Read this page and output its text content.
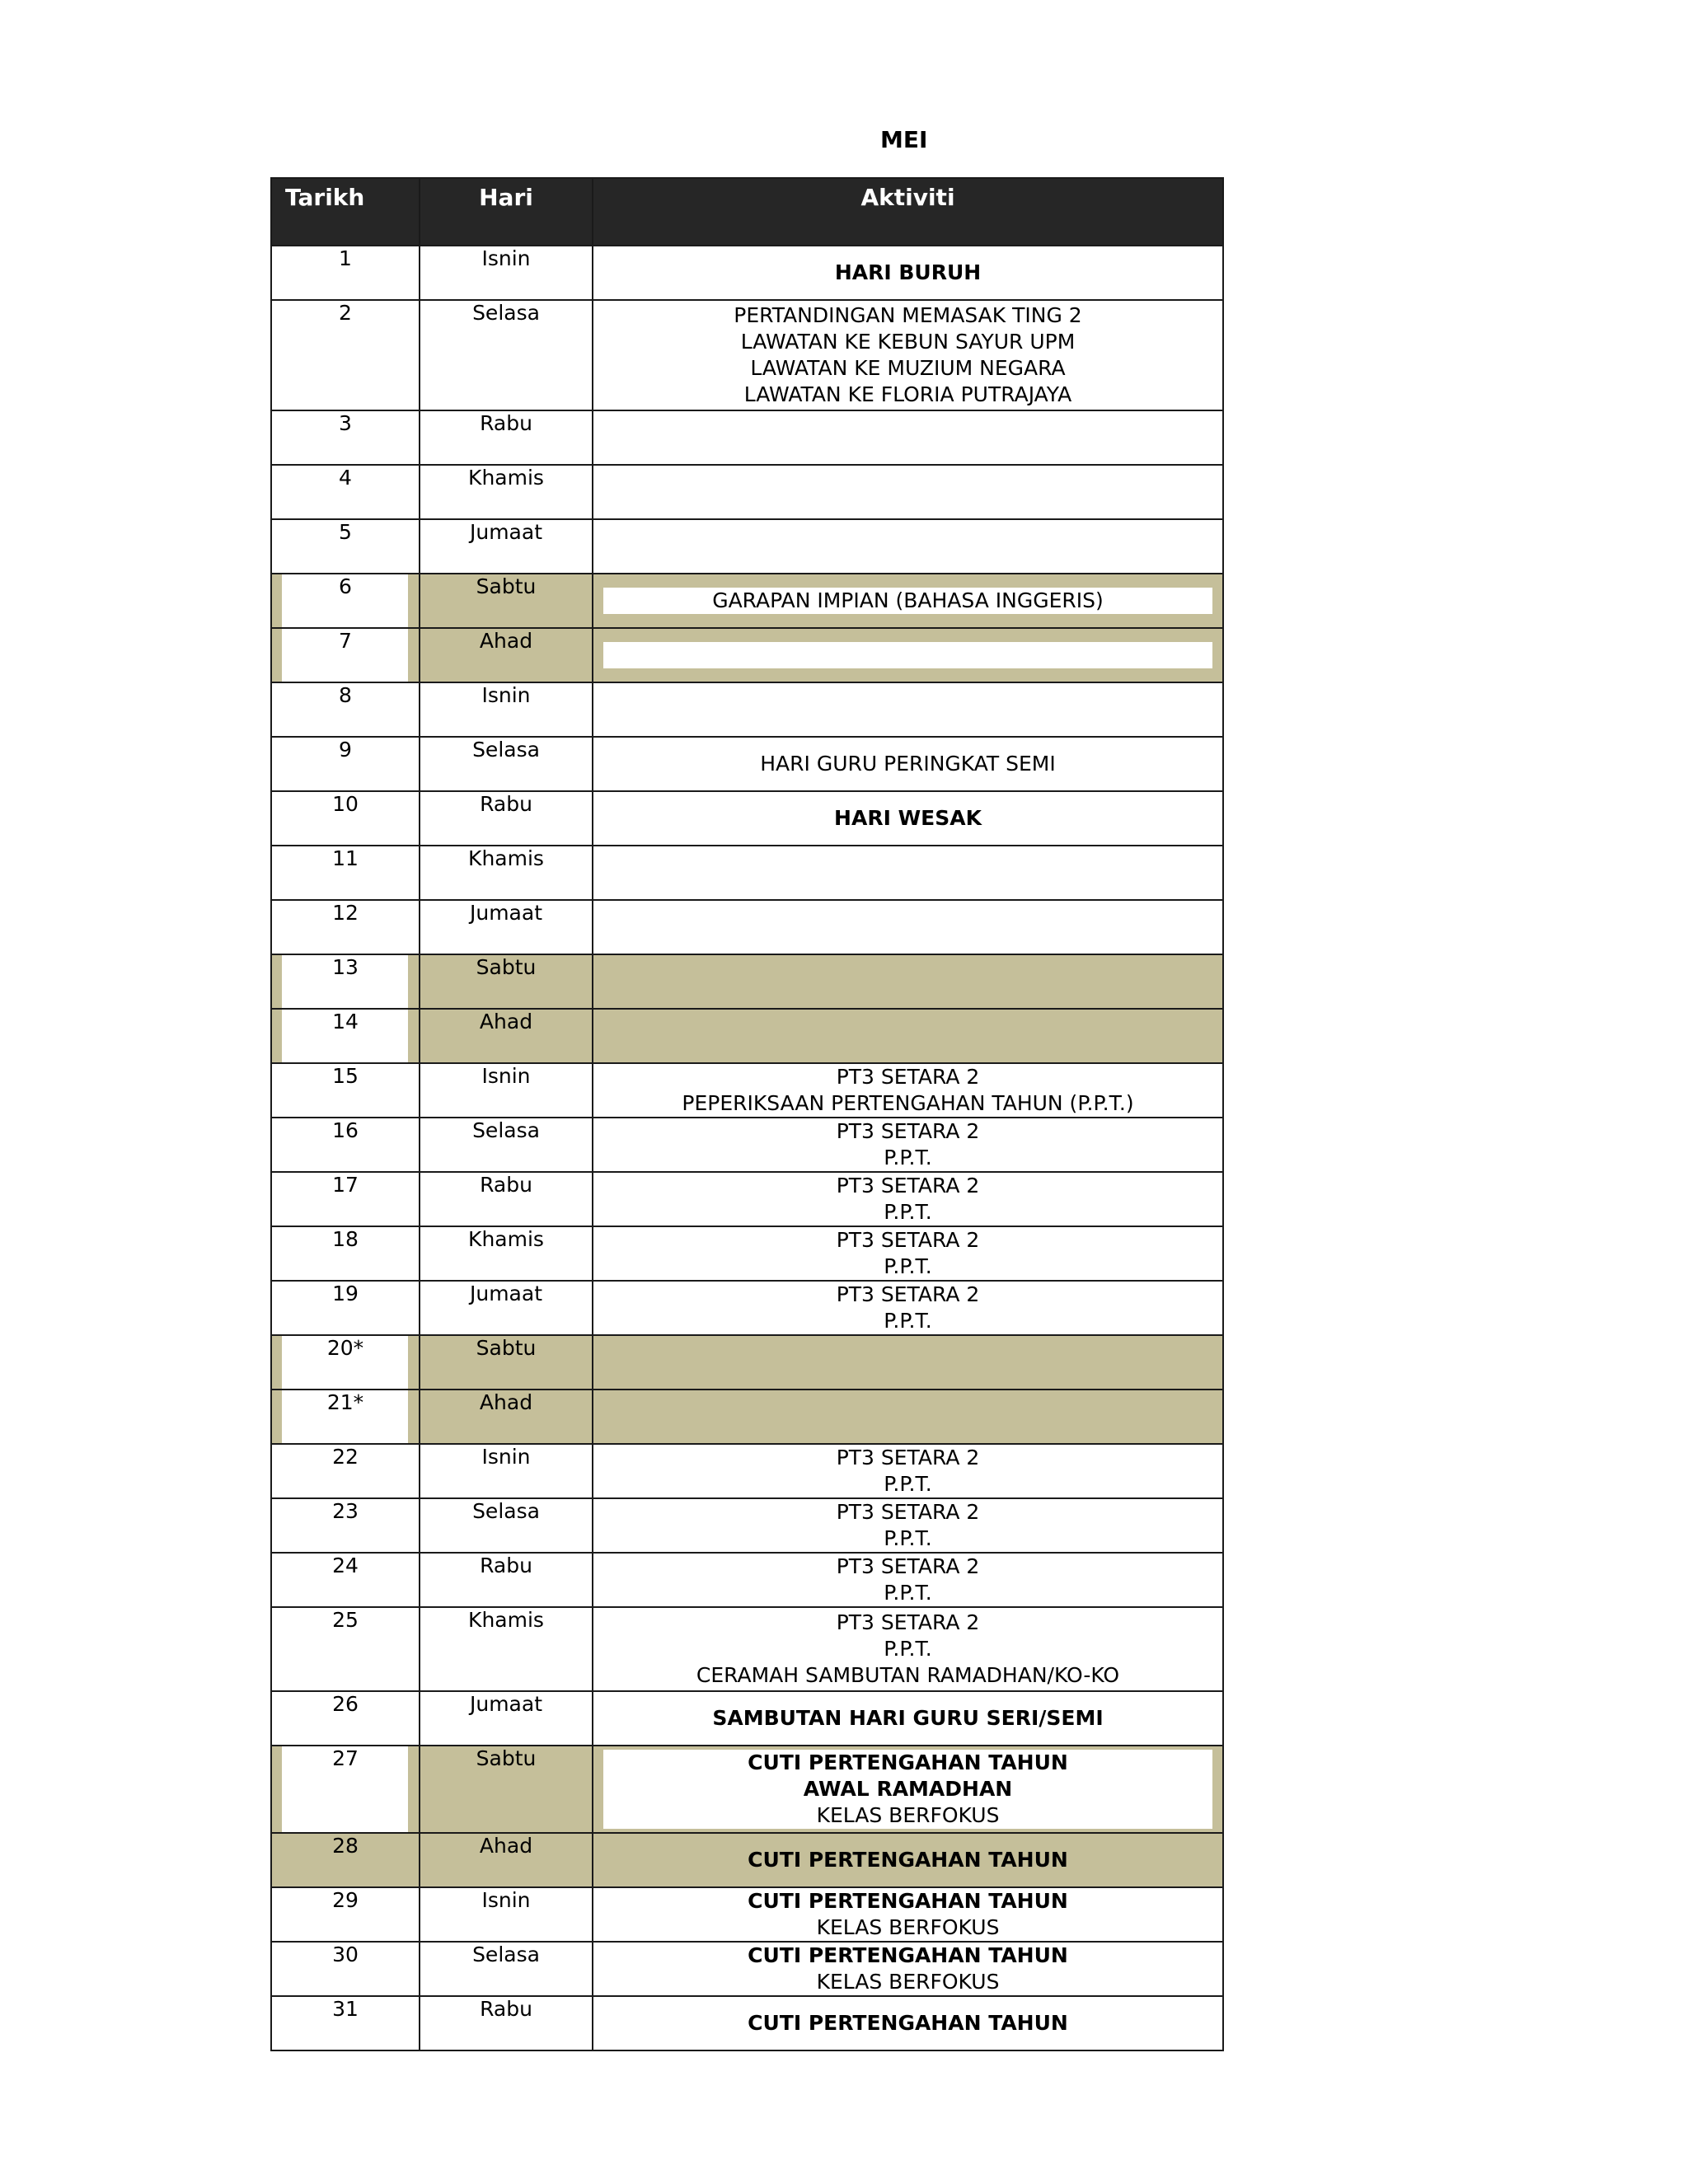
MEI
Tarikh	Hari	Aktiviti
1	Isnin	HARI BURUH

2	Selasa	PERTANDINGAN MEMASAK TING 2
LAWATAN KE KEBUN SAYUR UPM
LAWATAN KE MUZIUM NEGARA
LAWATAN KE FLORIA PUTRAJAYA

3	Rabu	
4	Khamis	
5	Jumaat	
6	Sabtu	GARAPAN IMPIAN (BAHASA INGGERIS)

7	Ahad	

8	Isnin	
9	Selasa	HARI GURU PERINGKAT SEMI

10	Rabu	HARI WESAK

11	Khamis	
12	Jumaat	
13	Sabtu	
14	Ahad	
15	Isnin	PT3 SETARA 2
PEPERIKSAAN PERTENGAHAN TAHUN (P.P.T.)

16	Selasa	PT3 SETARA 2
P.P.T.

17	Rabu	PT3 SETARA 2
P.P.T.

18	Khamis	PT3 SETARA 2
P.P.T.

19	Jumaat	PT3 SETARA 2
P.P.T.

20*	Sabtu	
21*	Ahad	
22	Isnin	PT3 SETARA 2
P.P.T.

23	Selasa	PT3 SETARA 2
P.P.T.

24	Rabu	PT3 SETARA 2
P.P.T.

25	Khamis	PT3 SETARA 2
P.P.T.
CERAMAH SAMBUTAN RAMADHAN/KO-KO

26	Jumaat	SAMBUTAN HARI GURU SERI/SEMI

27	Sabtu	CUTI PERTENGAHAN TAHUN
AWAL RAMADHAN
KELAS BERFOKUS

28	Ahad	CUTI PERTENGAHAN TAHUN

29	Isnin	CUTI PERTENGAHAN TAHUN
KELAS BERFOKUS

30	Selasa	CUTI PERTENGAHAN TAHUN
KELAS BERFOKUS

31	Rabu	CUTI PERTENGAHAN TAHUN
